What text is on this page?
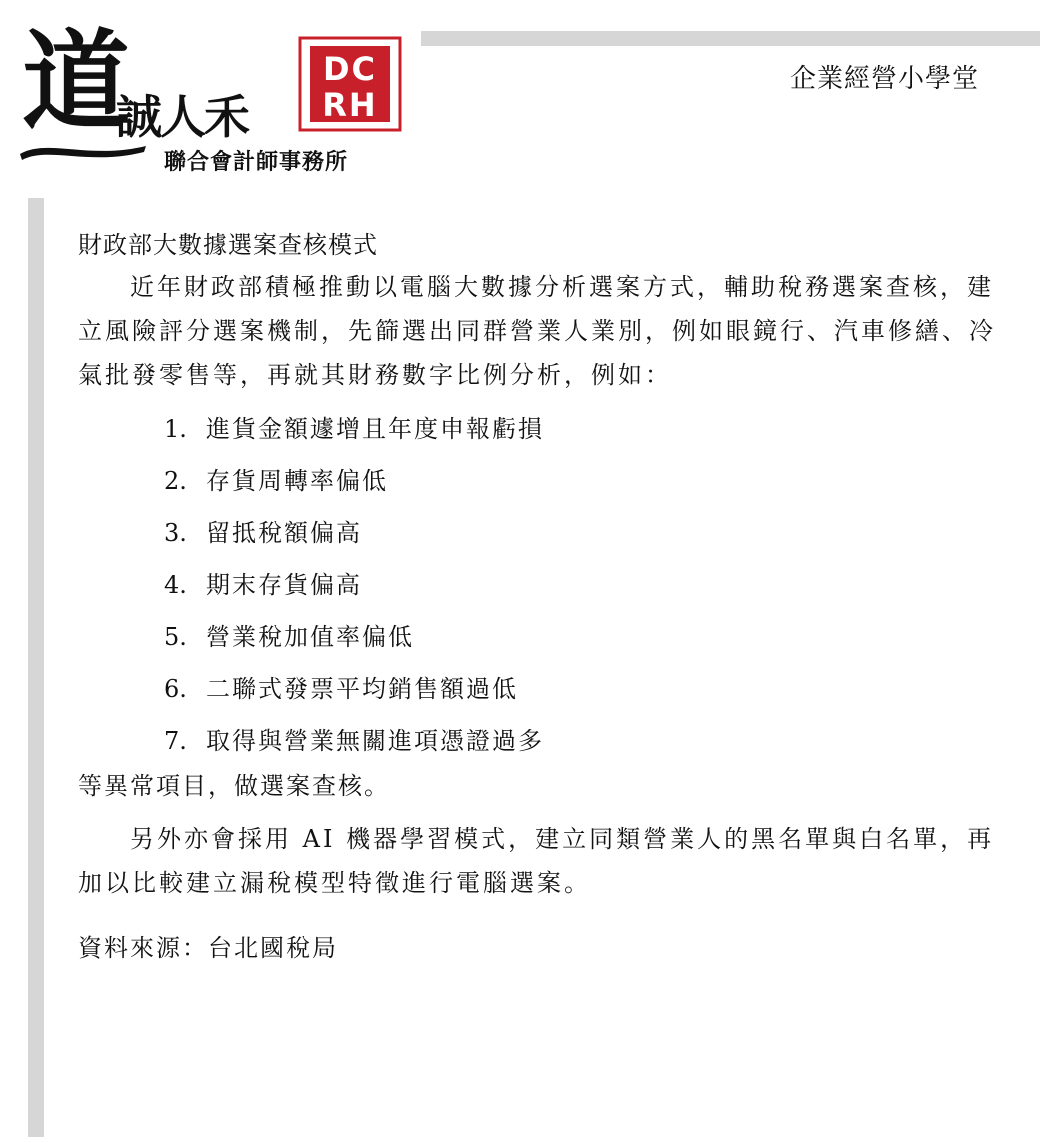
道
誠人禾
聯合會計師事務所
DC
RH
企業經營小學堂

財政部大數據選案查核模式

近年財政部積極推動以電腦大數據分析選案方式，輔助稅務選案查核，建立風險評分選案機制，先篩選出同群營業人業別，例如眼鏡行、汽車修繕、冷氣批發零售等，再就其財務數字比例分析，例如：

1. 進貨金額遽增且年度申報虧損
2. 存貨周轉率偏低
3. 留抵稅額偏高
4. 期末存貨偏高
5. 營業稅加值率偏低
6. 二聯式發票平均銷售額過低
7. 取得與營業無關進項憑證過多

等異常項目，做選案查核。

另外亦會採用 AI 機器學習模式，建立同類營業人的黑名單與白名單，再加以比較建立漏稅模型特徵進行電腦選案。

資料來源：台北國稅局
